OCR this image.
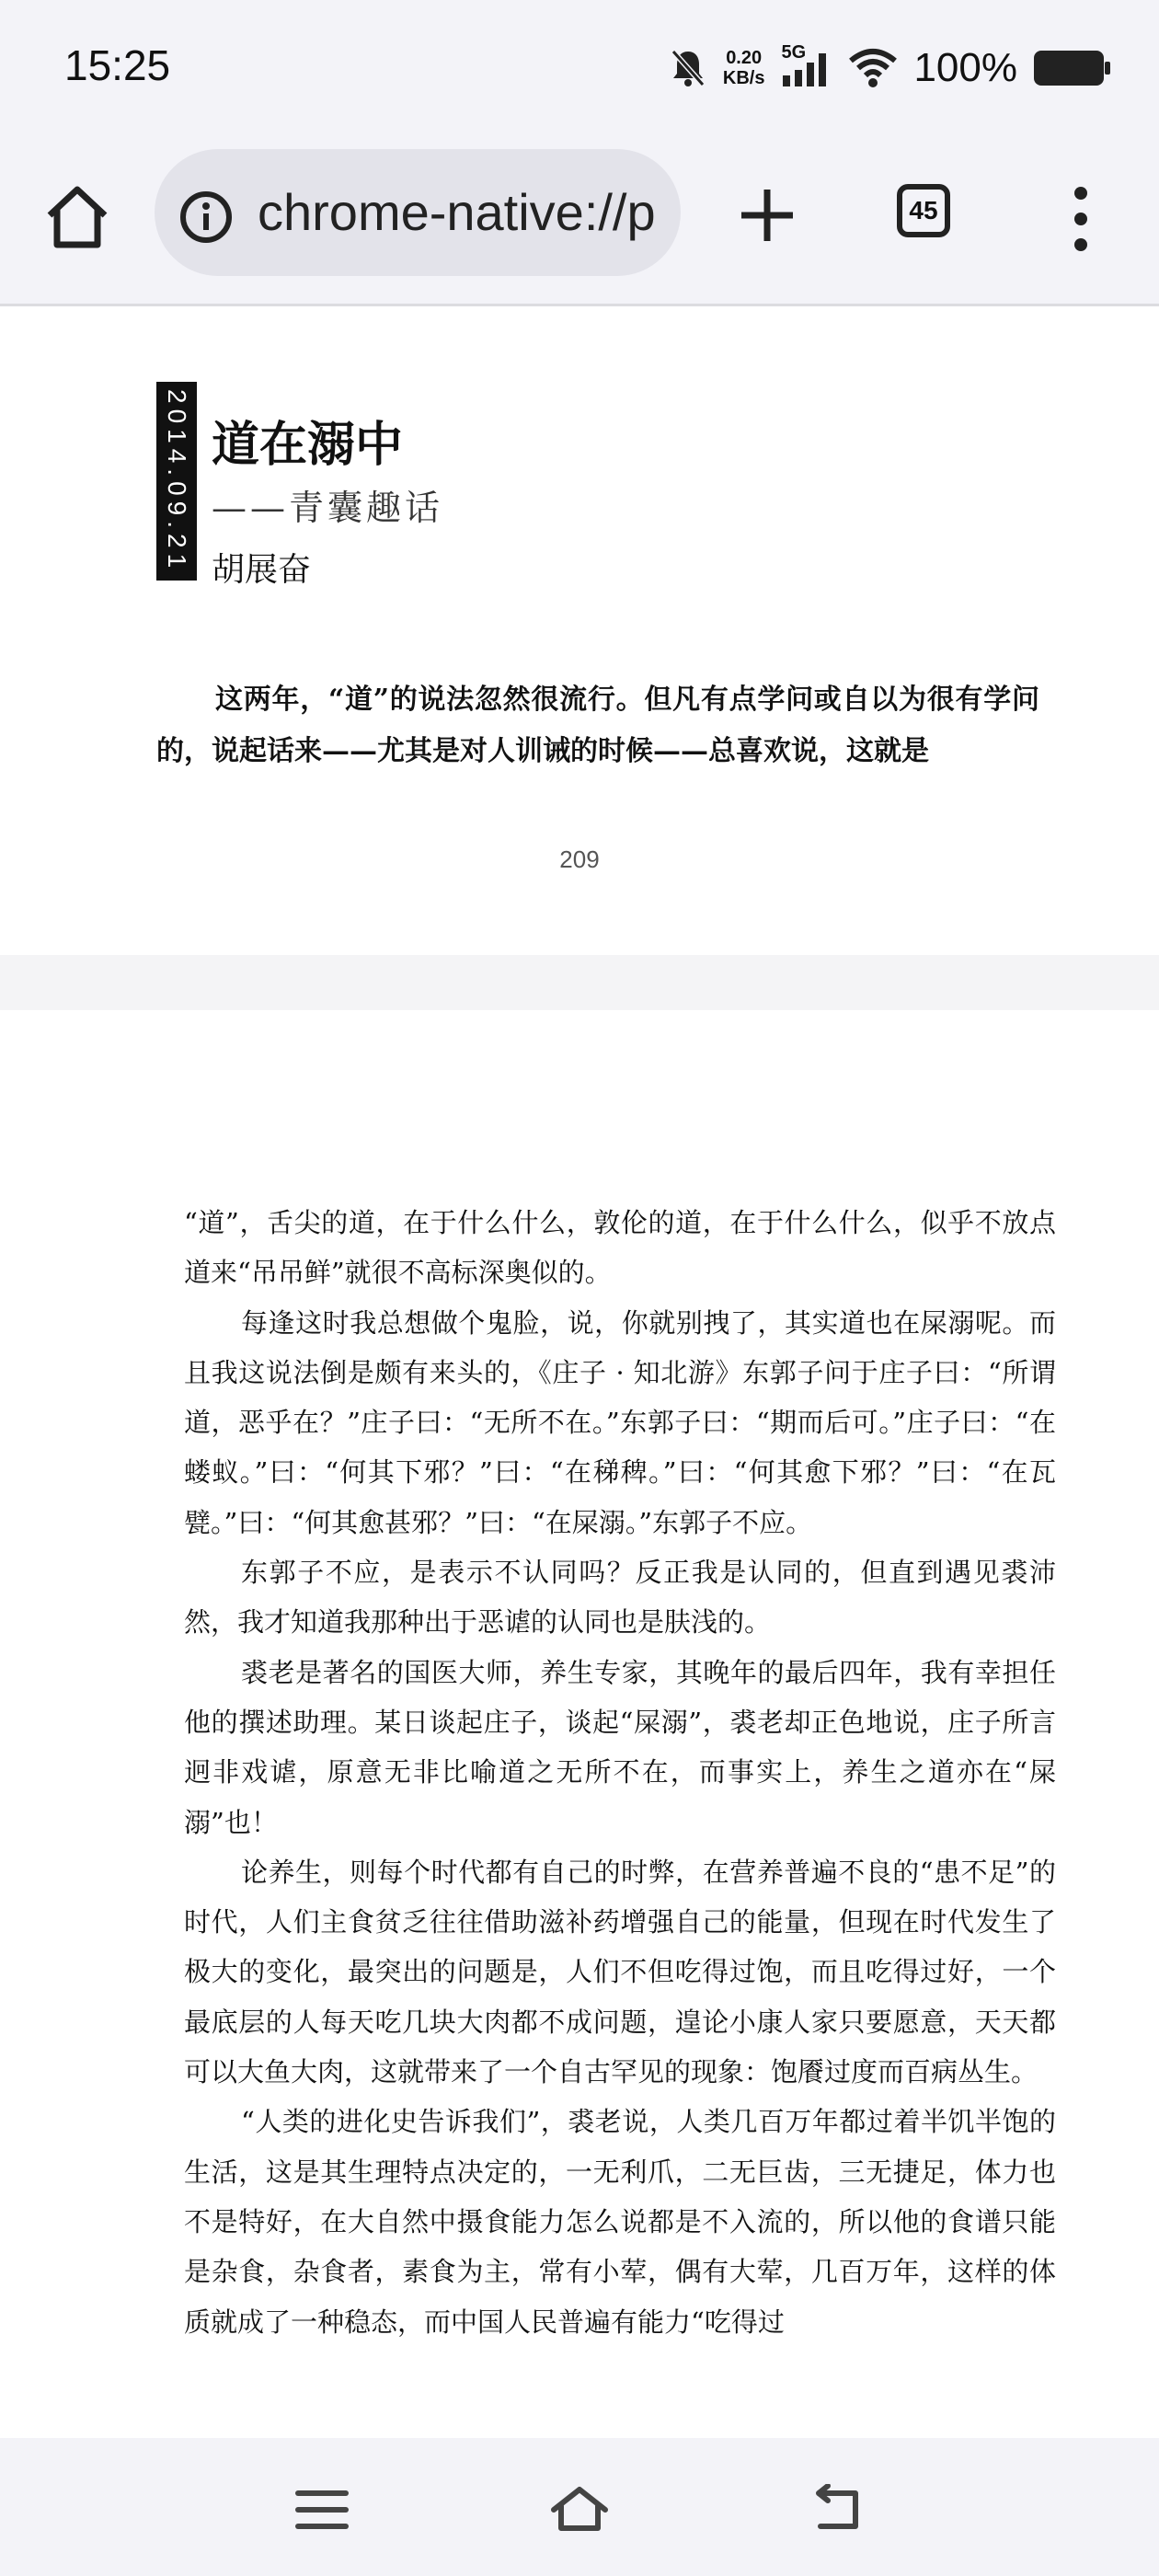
15:25	0.20
KB/s
5G	100%
chrome-native://p	45
2014.09.21 道在溺中
——青囊趣话
胡展奋

这两年，“道”的说法忽然很流行。但凡有点学问或自以为很有学问的，说起话来——尤其是对人训诫的时候——总喜欢说，这就是

209

“道”，舌尖的道，在于什么什么，敦伦的道，在于什么什么，似乎不放点道来“吊吊鲜”就很不高标深奥似的。

每逢这时我总想做个鬼脸，说，你就别拽了，其实道也在屎溺呢。而且我这说法倒是颇有来头的，《庄子 · 知北游》东郭子问于庄子曰：“所谓道，恶乎在？”庄子曰：“无所不在。”东郭子曰：“期而后可。”庄子曰：“在蝼蚁。”曰：“何其下邪？”曰：“在稊稗。”曰：“何其愈下邪？”曰：“在瓦甓。”曰：“何其愈甚邪？”曰：“在屎溺。”东郭子不应。

东郭子不应，是表示不认同吗？反正我是认同的，但直到遇见裘沛然，我才知道我那种出于恶谑的认同也是肤浅的。

裘老是著名的国医大师，养生专家，其晚年的最后四年，我有幸担任他的撰述助理。某日谈起庄子，谈起“屎溺”，裘老却正色地说，庄子所言迥非戏谑，原意无非比喻道之无所不在，而事实上，养生之道亦在“屎溺”也！

论养生，则每个时代都有自己的时弊，在营养普遍不良的“患不足”的时代，人们主食贫乏往往借助滋补药增强自己的能量，但现在时代发生了极大的变化，最突出的问题是，人们不但吃得过饱，而且吃得过好，一个最底层的人每天吃几块大肉都不成问题，遑论小康人家只要愿意，天天都可以大鱼大肉，这就带来了一个自古罕见的现象：饱餍过度而百病丛生。

“人类的进化史告诉我们”，裘老说，人类几百万年都过着半饥半饱的生活，这是其生理特点决定的，一无利爪，二无巨齿，三无捷足，体力也不是特好，在大自然中摄食能力怎么说都是不入流的，所以他的食谱只能是杂食，杂食者，素食为主，常有小荤，偶有大荤，几百万年，这样的体质就成了一种稳态，而中国人民普遍有能力“吃得过
